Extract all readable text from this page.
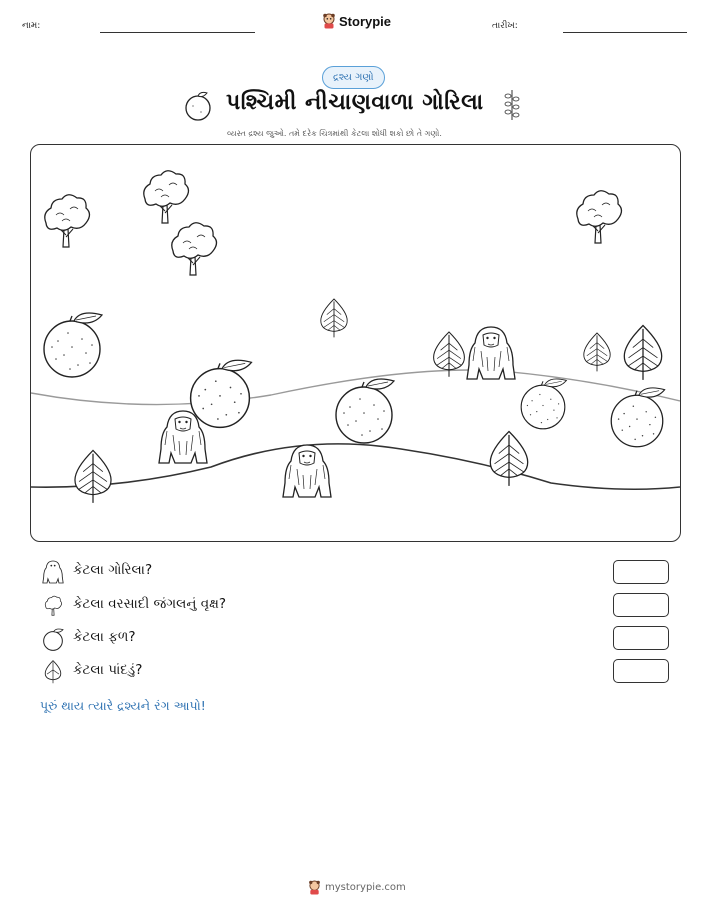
નામ:	Storypie	તારીખ:
દ્રશ્ય ગણો
પશ્ચિમી નીચાણવાળા ગોરિલા
વ્યસ્ત દ્રશ્ય જુઓ. તમે દરેક ચિત્રમાંથી કેટલા શોધી શકો છો તે ગણો.
કેટલા ગોરિલા?
કેટલા વરસાદી જંગલનું વૃક્ષ?
કેટલા ફળ?
કેટલા પાંદડું?
પૂરું થાય ત્યારે દ્રશ્યને રંગ આપો!
mystorypie.com
